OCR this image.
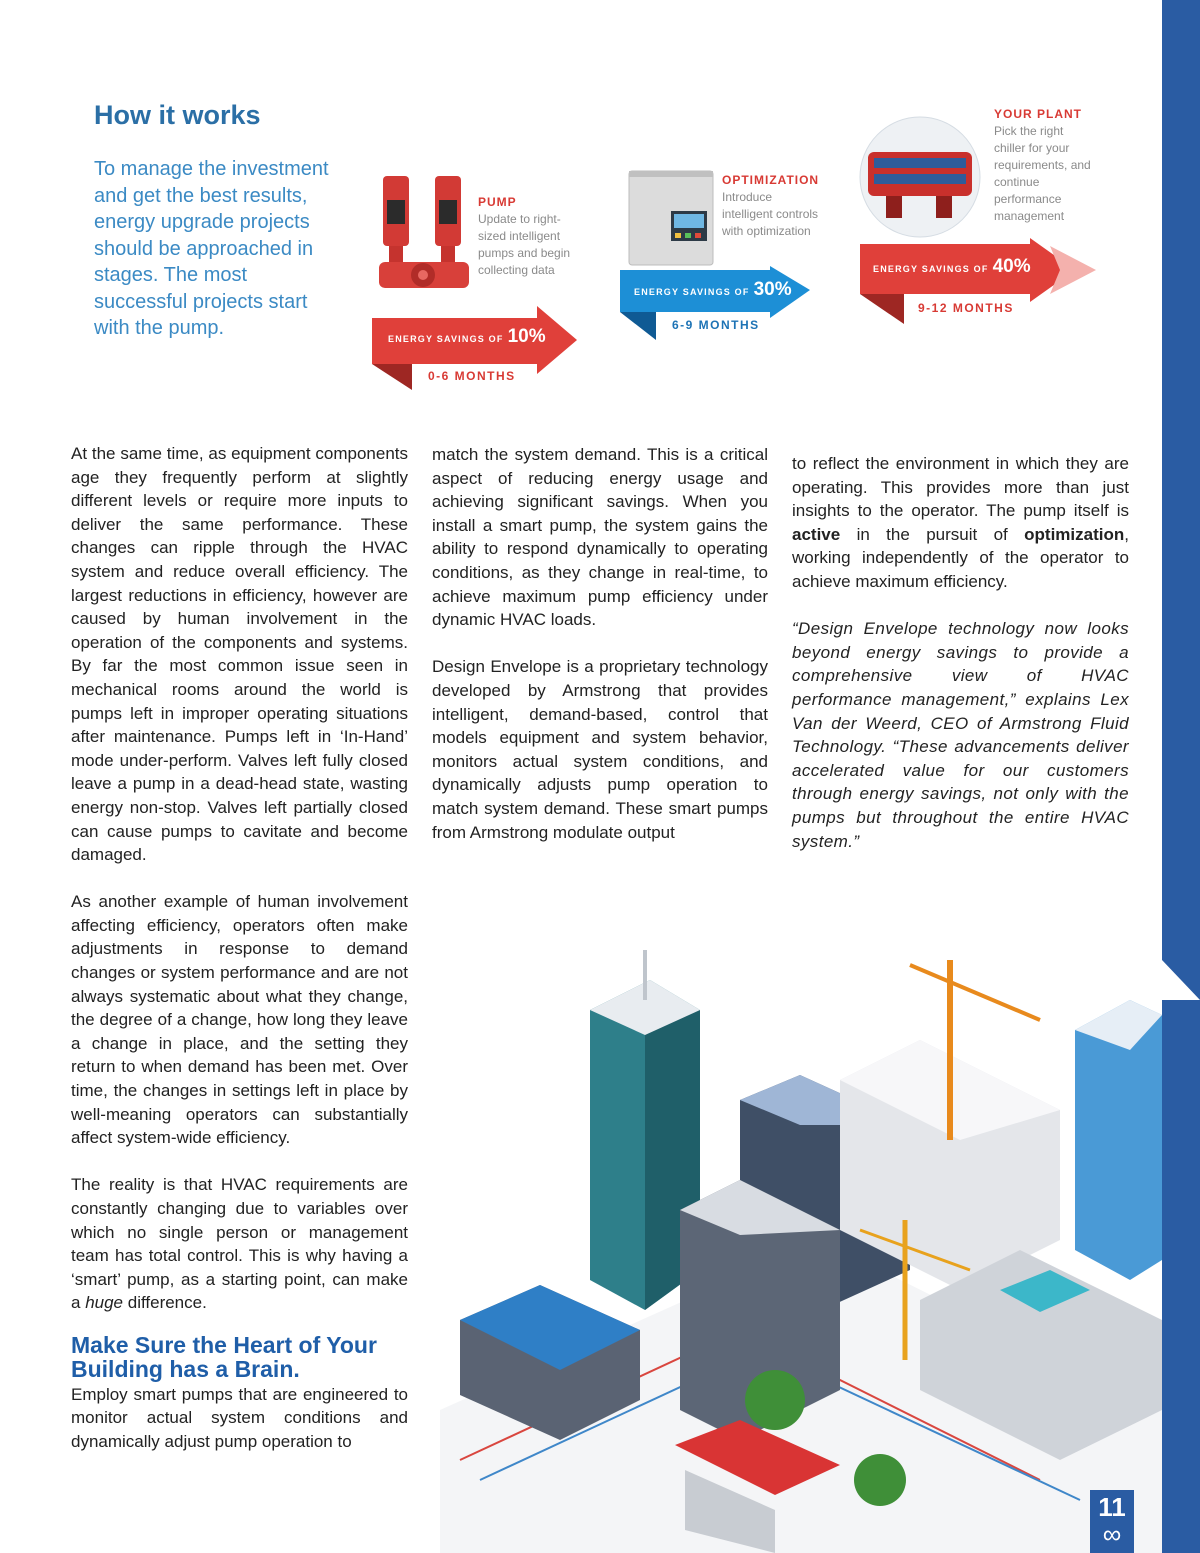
How it works
To manage the investment and get the best results, energy upgrade projects should be approached in stages. The most successful projects start with the pump.
PUMP
Update to right-sized intelligent pumps and begin collecting data
ENERGY SAVINGS OF 10%
0-6 MONTHS
OPTIMIZATION
Introduce intelligent controls with optimization
ENERGY SAVINGS OF 30%
6-9 MONTHS
YOUR PLANT
Pick the right chiller for your requirements, and continue performance management
ENERGY SAVINGS OF 40%
9-12 MONTHS

At the same time, as equipment components age they frequently perform at slightly different levels or require more inputs to deliver the same performance. These changes can ripple through the HVAC system and reduce overall efficiency. The largest reductions in efficiency, however are caused by human involvement in the operation of the components and systems. By far the most common issue seen in mechanical rooms around the world is pumps left in improper operating situations after maintenance. Pumps left in ‘In-Hand’ mode under-perform. Valves left fully closed leave a pump in a dead-head state, wasting energy non-stop. Valves left partially closed can cause pumps to cavitate and become damaged.

As another example of human involvement affecting efficiency, operators often make adjustments in response to demand changes or system performance and are not always systematic about what they change, the degree of a change, how long they leave a change in place, and the setting they return to when demand has been met. Over time, the changes in settings left in place by well-meaning operators can substantially affect system-wide efficiency.

The reality is that HVAC requirements are constantly changing due to variables over which no single person or management team has total control. This is why having a ‘smart’ pump, as a starting point, can make a huge difference.

Make Sure the Heart of Your Building has a Brain.

Employ smart pumps that are engineered to monitor actual system conditions and dynamically adjust pump operation to

match the system demand. This is a critical aspect of reducing energy usage and achieving significant savings. When you install a smart pump, the system gains the ability to respond dynamically to operating conditions, as they change in real-time, to achieve maximum pump efficiency under dynamic HVAC loads.

Design Envelope is a proprietary technology developed by Armstrong that provides intelligent, demand-based, control that models equipment and system behavior, monitors actual system conditions, and dynamically adjusts pump operation to match system demand. These smart pumps from Armstrong modulate output

to reflect the environment in which they are operating. This provides more than just insights to the operator. The pump itself is active in the pursuit of optimization, working independently of the operator to achieve maximum efficiency.

“Design Envelope technology now looks beyond energy savings to provide a comprehensive view of HVAC performance management,” explains Lex Van der Weerd, CEO of Armstrong Fluid Technology. “These advancements deliver accelerated value for our customers through energy savings, not only with the pumps but throughout the entire HVAC system.”

11
∞
